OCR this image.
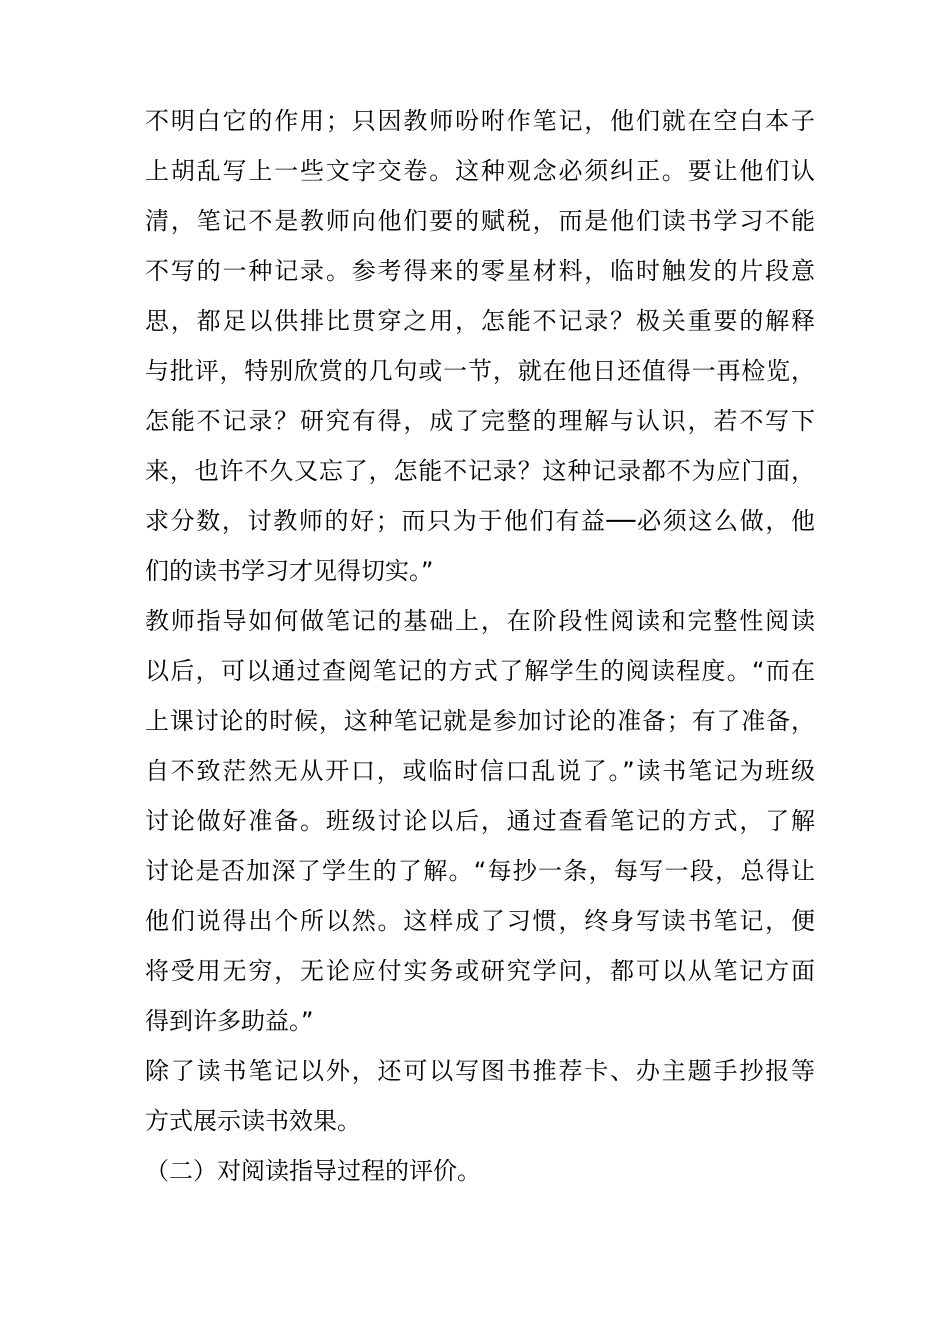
不明白它的作用；只因教师吩咐作笔记，他们就在空白本子
上胡乱写上一些文字交卷。这种观念必须纠正。要让他们认
清，笔记不是教师向他们要的赋税，而是他们读书学习不能
不写的一种记录。参考得来的零星材料，临时触发的片段意
思，都足以供排比贯穿之用，怎能不记录？极关重要的解释
与批评，特别欣赏的几句或一节，就在他日还值得一再检览，
怎能不记录？研究有得，成了完整的理解与认识，若不写下
来，也许不久又忘了，怎能不记录？这种记录都不为应门面，
求分数，讨教师的好；而只为于他们有益──必须这么做，他
们的读书学习才见得切实。”
教师指导如何做笔记的基础上，在阶段性阅读和完整性阅读
以后，可以通过查阅笔记的方式了解学生的阅读程度。“而在
上课讨论的时候，这种笔记就是参加讨论的准备；有了准备，
自不致茫然无从开口，或临时信口乱说了。”读书笔记为班级
讨论做好准备。班级讨论以后，通过查看笔记的方式，了解
讨论是否加深了学生的了解。“每抄一条，每写一段，总得让
他们说得出个所以然。这样成了习惯，终身写读书笔记，便
将受用无穷，无论应付实务或研究学问，都可以从笔记方面
得到许多助益。”
除了读书笔记以外，还可以写图书推荐卡、办主题手抄报等
方式展示读书效果。
（二）对阅读指导过程的评价。
